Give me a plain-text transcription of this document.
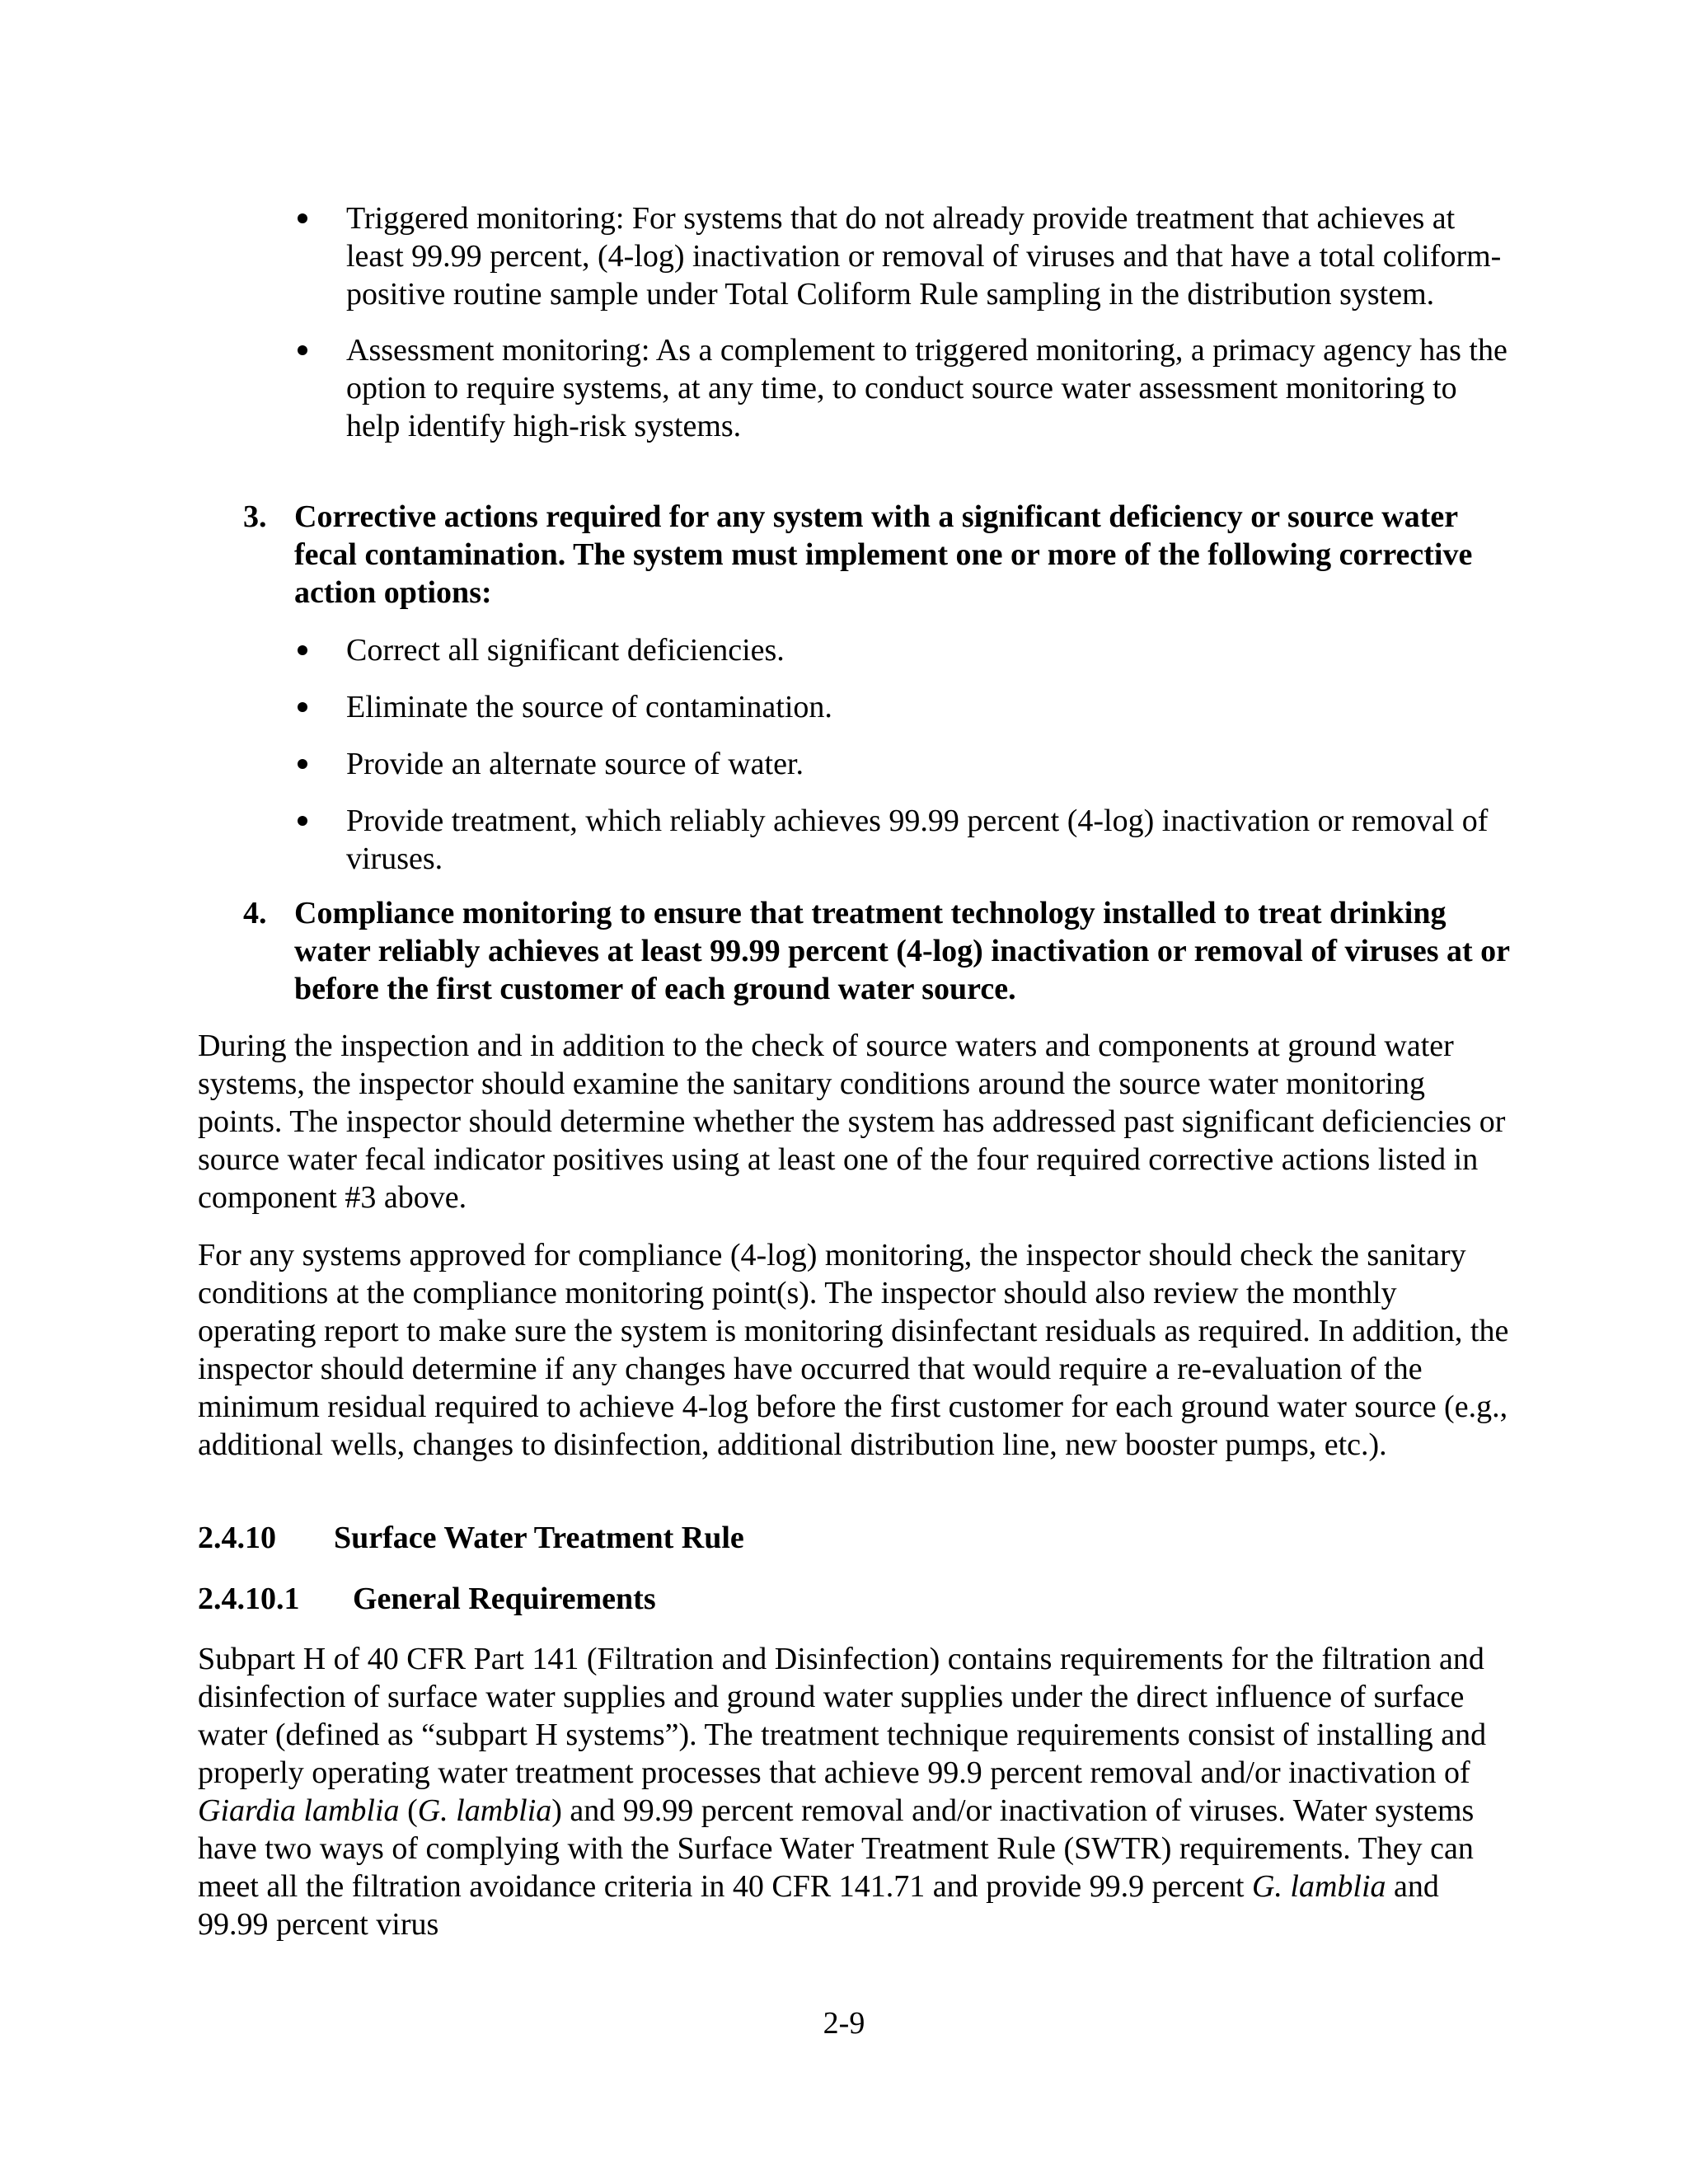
Triggered monitoring: For systems that do not already provide treatment that achieves at least 99.99 percent, (4-log) inactivation or removal of viruses and that have a total coliform-positive routine sample under Total Coliform Rule sampling in the distribution system.
Assessment monitoring: As a complement to triggered monitoring, a primacy agency has the option to require systems, at any time, to conduct source water assessment monitoring to help identify high-risk systems.
3. Corrective actions required for any system with a significant deficiency or source water fecal contamination. The system must implement one or more of the following corrective action options:
Correct all significant deficiencies.
Eliminate the source of contamination.
Provide an alternate source of water.
Provide treatment, which reliably achieves 99.99 percent (4-log) inactivation or removal of viruses.
4. Compliance monitoring to ensure that treatment technology installed to treat drinking water reliably achieves at least 99.99 percent (4-log) inactivation or removal of viruses at or before the first customer of each ground water source.

During the inspection and in addition to the check of source waters and components at ground water systems, the inspector should examine the sanitary conditions around the source water monitoring points. The inspector should determine whether the system has addressed past significant deficiencies or source water fecal indicator positives using at least one of the four required corrective actions listed in component #3 above.

For any systems approved for compliance (4-log) monitoring, the inspector should check the sanitary conditions at the compliance monitoring point(s). The inspector should also review the monthly operating report to make sure the system is monitoring disinfectant residuals as required. In addition, the inspector should determine if any changes have occurred that would require a re-evaluation of the minimum residual required to achieve 4-log before the first customer for each ground water source (e.g., additional wells, changes to disinfection, additional distribution line, new booster pumps, etc.).

2.4.10 Surface Water Treatment Rule
2.4.10.1 General Requirements

Subpart H of 40 CFR Part 141 (Filtration and Disinfection) contains requirements for the filtration and disinfection of surface water supplies and ground water supplies under the direct influence of surface water (defined as “subpart H systems”). The treatment technique requirements consist of installing and properly operating water treatment processes that achieve 99.9 percent removal and/or inactivation of Giardia lamblia (G. lamblia) and 99.99 percent removal and/or inactivation of viruses. Water systems have two ways of complying with the Surface Water Treatment Rule (SWTR) requirements. They can meet all the filtration avoidance criteria in 40 CFR 141.71 and provide 99.9 percent G. lamblia and 99.99 percent virus

2-9
